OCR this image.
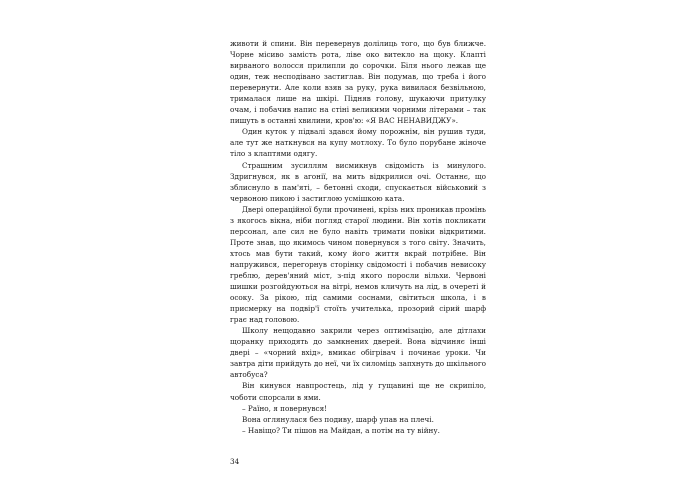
животи й спини. Він перевернув долілиць того, що був ближче. Чорне місиво замість рота, ліве око витекло на щоку. Клапті вирваного волосся прилипли до сорочки. Біля нього лежав ще один, теж несподівано застиглав. Він подумав, що треба і його перевернути. Але коли взяв за руку, рука вивилася безвільною, трималася лише на шкірі. Підняв голову, шукаючи притулку очам, і побачив напис на стіні великими чорними літерами – так пишуть в останні хвилини, кров'ю: «Я ВАС НЕНАВИДЖУ».

Один куток у підвалі здався йому порожнім, він рушив туди, але тут же наткнувся на купу мотлоху. То було порубане жіноче тіло з клаптями одягу.

Страшним зусиллям висмикнув свідомість із минулого. Здригнувся, як в агонії, на мить відкрилися очі. Останнє, що зблиснуло в пам'яті, – бетонні сходи, спускається військовий з червоною пикою і застиглою усмішкою ката.

Двері операційної були прочинені, крізь них проникав промінь з якогось вікна, ніби погляд старої людини. Він хотів покликати персонал, але сил не було навіть тримати повіки відкритими. Проте знав, що якимось чином повернувся з того світу. Значить, хтось мав бути такий, кому його життя вкрай потрібне. Він напружився, перегорнув сторінку свідомості і побачив невисоку греблю, дерев'яний міст, з-під якого поросли вільхи. Червоні шишки розгойдуються на вітрі, немов кличуть на лід, в очереті й осоку. За рікою, під самими соснами, світиться школа, і в присмерку на подвір'ї стоїть учителька, прозорий сірий шарф грає над головою.

Школу нещодавно закрили через оптимізацію, але дітлахи щоранку приходять до замкнених дверей. Вона відчиняє інші двері – «чорний вхід», вмикає обігрівач і починає уроки. Чи завтра діти прийдуть до неї, чи їх силоміць запхнуть до шкільного автобуса?

Він кинувся навпростець, лід у гущавині ще не скрипіло, чоботи спорсали в ями.

– Раїно, я повернувся!

Вона оглянулася без подиву, шарф упав на плечі.

– Навіщо? Ти пішов на Майдан, а потім на ту війну.

34
